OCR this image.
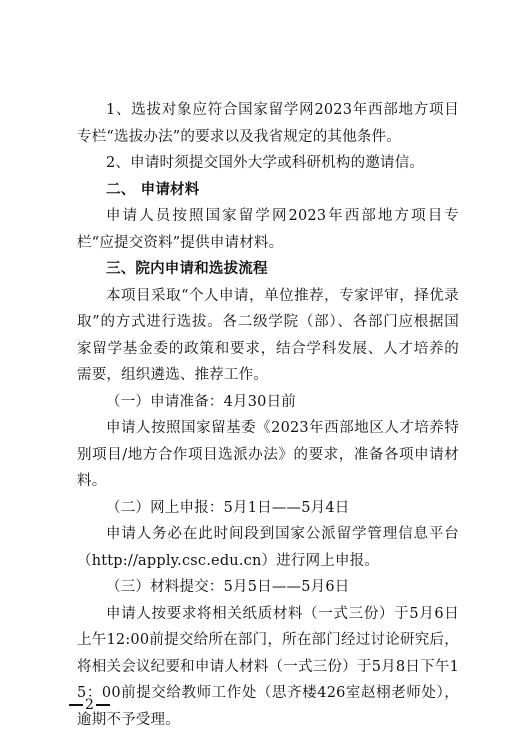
1、选拔对象应符合国家留学网2023年西部地方项目专栏“选拔办法”的要求以及我省规定的其他条件。

2、申请时须提交国外大学或科研机构的邀请信。

二、 申请材料

申请人员按照国家留学网2023年西部地方项目专栏“应提交资料”提供申请材料。

三、院内申请和选拔流程

本项目采取“个人申请，单位推荐，专家评审，择优录取”的方式进行选拔。各二级学院（部）、各部门应根据国家留学基金委的政策和要求，结合学科发展、人才培养的需要，组织遴选、推荐工作。

（一）申请准备：4月30日前

申请人按照国家留基委《2023年西部地区人才培养特别项目/地方合作项目选派办法》的要求，准备各项申请材料。

（二）网上申报：5月1日——5月4日

申请人务必在此时间段到国家公派留学管理信息平台（http://apply.csc.edu.cn）进行网上申报。

（三）材料提交：5月5日——5月6日

申请人按要求将相关纸质材料（一式三份）于5月6日上午12:00前提交给所在部门，所在部门经过讨论研究后，将相关会议纪要和申请人材料（一式三份）于5月8日下午15：00前提交给教师工作处（思齐楼426室赵栩老师处），逾期不予受理。

2
